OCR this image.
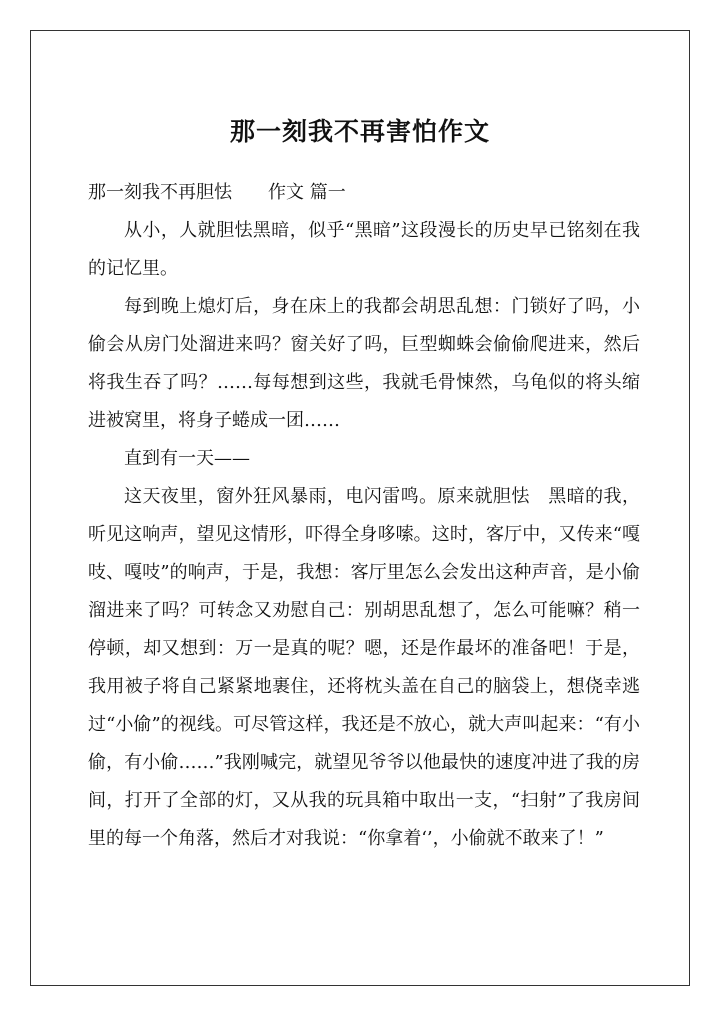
那一刻我不再害怕作文

那一刻我不再胆怯 作文 篇一

从小，人就胆怯黑暗，似乎“黑暗”这段漫长的历史早已铭刻在我的记忆里。

每到晚上熄灯后，身在床上的我都会胡思乱想：门锁好了吗，小偷会从房门处溜进来吗？窗关好了吗，巨型蜘蛛会偷偷爬进来，然后将我生吞了吗？……每每想到这些，我就毛骨悚然，乌龟似的将头缩进被窝里，将身子蜷成一团……

直到有一天——

这天夜里，窗外狂风暴雨，电闪雷鸣。原来就胆怯 黑暗的我，听见这响声，望见这情形，吓得全身哆嗦。这时，客厅中，又传来“嘎吱、嘎吱”的响声，于是，我想：客厅里怎么会发出这种声音，是小偷溜进来了吗？可转念又劝慰自己：别胡思乱想了，怎么可能嘛？稍一停顿，却又想到：万一是真的呢？嗯，还是作最坏的准备吧！于是，我用被子将自己紧紧地裹住，还将枕头盖在自己的脑袋上，想侥幸逃过“小偷”的视线。可尽管这样，我还是不放心，就大声叫起来：“有小偷，有小偷……”我刚喊完，就望见爷爷以他最快的速度冲进了我的房间，打开了全部的灯，又从我的玩具箱中取出一支，“扫射”了我房间里的每一个角落，然后才对我说：“你拿着‘’，小偷就不敢来了！”
